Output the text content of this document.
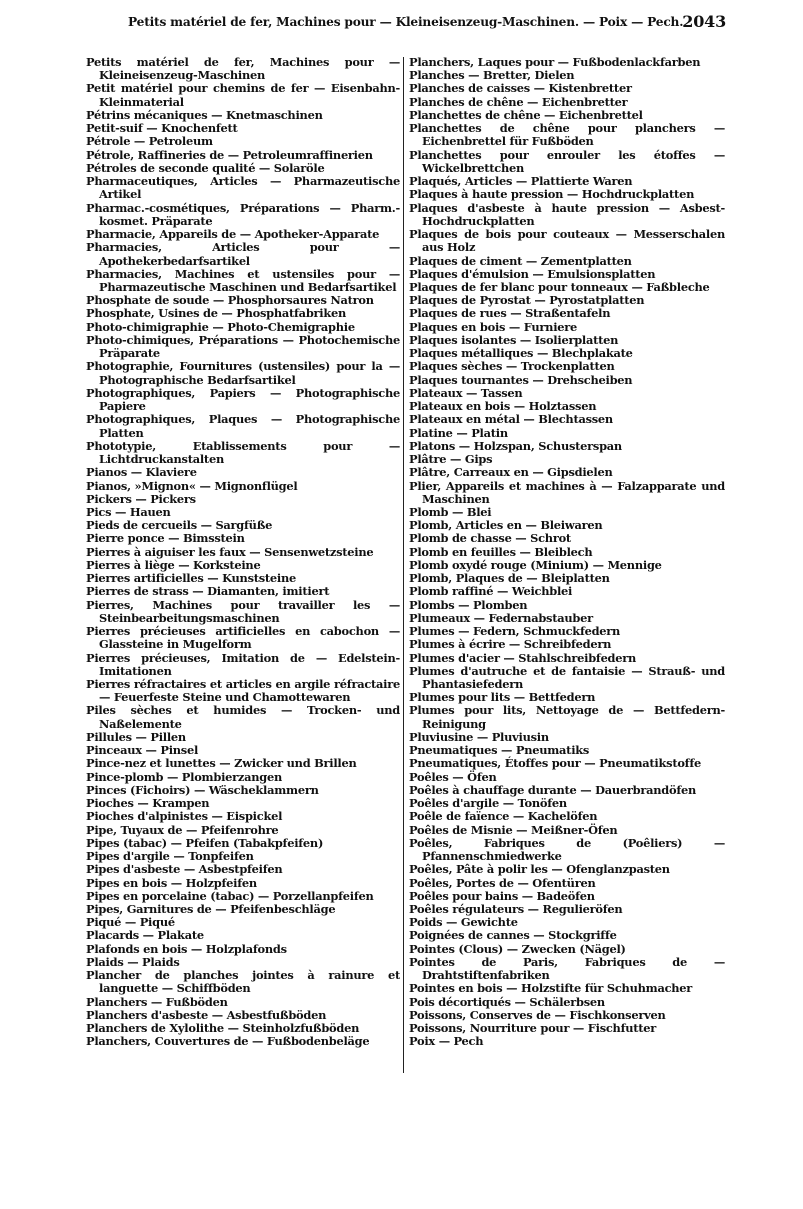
Petits matériel de fer, Machines pour — Kleineisenzeug-Maschinen. — Poix — Pech. 2043
Petits matériel de fer, Machines pour — Kleineisenzeug-Maschinen
Petit matériel pour chemins de fer — Eisenbahn-Kleinmaterial
Pétrins mécaniques — Knetmaschinen
Petit-suif — Knochenfett
Pétrole — Petroleum
Pétrole, Raffineries de — Petroleumraffinerien
Pétroles de seconde qualité — Solaröle
Pharmaceutiques, Articles — Pharmazeutische Artikel
Pharmac.-cosmétiques, Préparations — Pharm.-kosmet. Präparate
Pharmacie, Appareils de — Apotheker-Apparate
Pharmacies, Articles pour — Apothekerbedarfsartikel
Pharmacies, Machines et ustensiles pour — Pharmazeutische Maschinen und Bedarfsartikel
Phosphate de soude — Phosphorsaures Natron
Phosphate, Usines de — Phosphatfabriken
Photo-chimigraphie — Photo-Chemigraphie
Photo-chimiques, Préparations — Photochemische Präparate
Photographie, Fournitures (ustensiles) pour la — Photographische Bedarfsartikel
Photographiques, Papiers — Photographische Papiere
Photographiques, Plaques — Photographische Platten
Phototypie, Etablissements pour — Lichtdruckanstalten
Pianos — Klaviere
Pianos, »Mignon« — Mignonflügel
Pickers — Pickers
Pics — Hauen
Pieds de cercueils — Sargfüße
Pierre ponce — Bimsstein
Pierres à aiguiser les faux — Sensenwetzsteine
Pierres à liège — Korksteine
Pierres artificielles — Kunststeine
Pierres de strass — Diamanten, imitiert
Pierres, Machines pour travailler les — Steinbearbeitungsmaschinen
Pierres précieuses artificielles en cabochon — Glassteine in Mugelform
Pierres précieuses, Imitation de — Edelstein-Imitationen
Pierres réfractaires et articles en argile réfractaire — Feuerfeste Steine und Chamottewaren
Piles sèches et humides — Trocken- und Naßelemente
Pillules — Pillen
Pinceaux — Pinsel
Pince-nez et lunettes — Zwicker und Brillen
Pince-plomb — Plombierzangen
Pinces (Fichoirs) — Wäscheklammern
Pioches — Krampen
Pioches d'alpinistes — Eispickel
Pipe, Tuyaux de — Pfeifenrohre
Pipes (tabac) — Pfeifen (Tabakpfeifen)
Pipes d'argile — Tonpfeifen
Pipes d'asbeste — Asbestpfeifen
Pipes en bois — Holzpfeifen
Pipes en porcelaine (tabac) — Porzellanpfeifen
Pipes, Garnitures de — Pfeifenbeschläge
Piqué — Piqué
Placards — Plakate
Plafonds en bois — Holzplafonds
Plaids — Plaids
Plancher de planches jointes à rainure et languette — Schiffböden
Planchers — Fußböden
Planchers d'asbeste — Asbestfußböden
Planchers de Xylolithe — Steinholzfußböden
Planchers, Couvertures de — Fußbodenbeläge
Planchers, Laques pour — Fußbodenlackfarben
Planches — Bretter, Dielen
Planches de caisses — Kistenbretter
Planches de chêne — Eichenbretter
Planchettes de chêne — Eichenbrettel
Planchettes de chêne pour planchers — Eichenbrettel für Fußböden
Planchettes pour enrouler les étoffes — Wickelbrettchen
Plaqués, Articles — Plattierte Waren
Plaques à haute pression — Hochdruckplatten
Plaques d'asbeste à haute pression — Asbest-Hochdruckplatten
Plaques de bois pour couteaux — Messerschalen aus Holz
Plaques de ciment — Zementplatten
Plaques d'émulsion — Emulsionsplatten
Plaques de fer blanc pour tonneaux — Faßbleche
Plaques de Pyrostat — Pyrostatplatten
Plaques de rues — Straßentafeln
Plaques en bois — Furniere
Plaques isolantes — Isolierplatten
Plaques métalliques — Blechplakate
Plaques sèches — Trockenplatten
Plaques tournantes — Drehscheiben
Plateaux — Tassen
Plateaux en bois — Holztassen
Plateaux en métal — Blechtassen
Platine — Platin
Platons — Holzspan, Schusterspan
Plâtre — Gips
Plâtre, Carreaux en — Gipsdielen
Plier, Appareils et machines à — Falzapparate und Maschinen
Plomb — Blei
Plomb, Articles en — Bleiwaren
Plomb de chasse — Schrot
Plomb en feuilles — Bleiblech
Plomb oxydé rouge (Minium) — Mennige
Plomb, Plaques de — Bleiplatten
Plomb raffiné — Weichblei
Plombs — Plomben
Plumeaux — Federnabstauber
Plumes — Federn, Schmuckfedern
Plumes à écrire — Schreibfedern
Plumes d'acier — Stahlschreibfedern
Plumes d'autruche et de fantaisie — Strauß- und Phantasiefedern
Plumes pour lits — Bettfedern
Plumes pour lits, Nettoyage de — Bettfedern-Reinigung
Pluviusine — Pluviusin
Pneumatiques — Pneumatiks
Pneumatiques, Étoffes pour — Pneumatikstoffe
Poêles — Öfen
Poêles à chauffage durante — Dauerbrandöfen
Poêles d'argile — Tonöfen
Poêle de faïence — Kachelöfen
Poêles de Misnie — Meißner-Öfen
Poêles, Fabriques de (Poêliers) — Pfannenschmiedwerke
Poêles, Pâte à polir les — Ofenglanzpasten
Poêles, Portes de — Ofentüren
Poêles pour bains — Badeöfen
Poêles régulateurs — Regulieröfen
Poids — Gewichte
Poignées de cannes — Stockgriffe
Pointes (Clous) — Zwecken (Nägel)
Pointes de Paris, Fabriques de — Drahtstiftenfabriken
Pointes en bois — Holzstifte für Schuhmacher
Pois décortiqués — Schälerbsen
Poissons, Conserves de — Fischkonserven
Poissons, Nourriture pour — Fischfutter
Poix — Pech
